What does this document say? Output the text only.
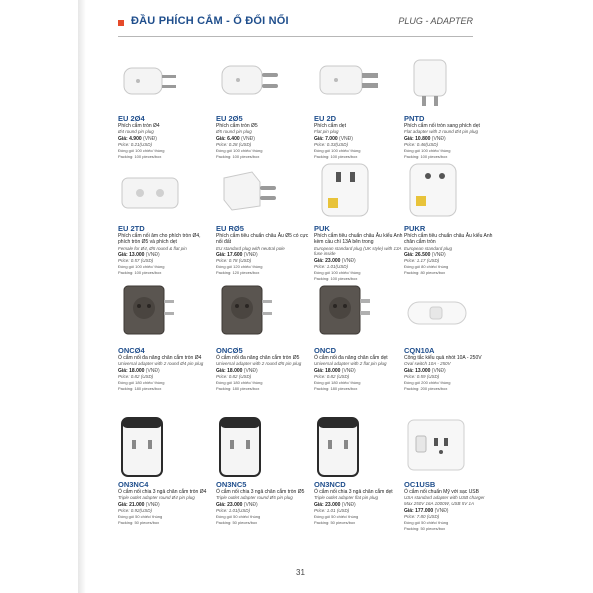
ĐẦU PHÍCH CẮM - Ổ ĐỔI NỐI	PLUG - ADAPTER
EU 2Ø4
Phích cắm tròn Ø4
Ø4 round pin plug
Giá: 4.900 (VNĐ)
Price: 0.21(USD)
Đóng gói 100 chiếc/ thùng
Packing: 100 pieces/box
EU 2Ø5
Phích cắm tròn Ø5
Ø5 round pin plug
Giá: 6.400 (VNĐ)
Price: 0.28 (USD)
Đóng gói 100 chiếc/ thùng
Packing: 100 pieces/box
EU 2D
Phích cắm dẹt
Flat pin plug
Giá: 7.000 (VNĐ)
Price: 0.33(USD)
Đóng gói 100 chiếc/ thùng
Packing: 100 pieces/box
PNTD
Phích cắm nối tròn sang phích dẹt
Flat adapter with 2 round Ø4 pin plug
Giá: 10.800 (VNĐ)
Price: 0.46(USD)
Đóng gói 100 chiếc/ thùng
Packing: 100 pieces/box
EU 2TD
Phích cắm nối âm cho phích tròn Ø4, phích tròn Ø5 và phích dẹt
Female for Ø4, Ø5 round & flat pin
Giá: 13.000 (VNĐ)
Price: 0.57 (USD)
Đóng gói 100 chiếc/ thùng
Packing: 100 pieces/box
EU RØ5
Phích cắm tiêu chuẩn châu Âu Ø5 có cực nối đất
EU standard plug with neutral pole
Giá: 17.600 (VNĐ)
Price: 0.78 (USD)
Đóng gói 120 chiếc/ thùng
Packing: 120 pieces/box
PUK
Phích cắm tiêu chuẩn châu Âu kiểu Anh kèm cầu chì 13A bên trong
European standard plug (UK style) with 13A fuse inside
Giá: 23.000 (VNĐ)
Price: 1.01(USD)
Đóng gói 100 chiếc/ thùng
Packing: 100 pieces/box
PUKR
Phích cắm tiêu chuẩn châu Âu kiểu Anh chân cắm tròn
European standard plug
Giá: 26.500 (VNĐ)
Price: 1.17 (USD)
Đóng gói 80 chiếc/ thùng
Packing: 80 pieces/box
ONCØ4
Ổ cắm nối đa năng chân cắm tròn Ø4
Universal adapter with 2 round Ø4 pin plug
Giá: 18.000 (VNĐ)
Price: 0.82 (USD)
Đóng gói 180 chiếc/ thùng
Packing: 180 pieces/box
ONCØ5
Ổ cắm nối đa năng chân cắm tròn Ø5
Universal adapter with 2 round Ø5 pin plug
Giá: 18.000 (VNĐ)
Price: 0.82 (USD)
Đóng gói 180 chiếc/ thùng
Packing: 180 pieces/box
ONCD
Ổ cắm nối đa năng chân cắm dẹt
Universal adapter with 2 flat pin plug
Giá: 18.000 (VNĐ)
Price: 0.82 (USD)
Đóng gói 180 chiếc/ thùng
Packing: 180 pieces/box
CQN10A
Công tắc kiểu quả nhót 10A - 250V
Oval switch 10A - 250V
Giá: 13.000 (VNĐ)
Price: 0.59 (USD)
Đóng gói 200 chiếc/ thùng
Packing: 200 pieces/box
ON3NC4
Ổ cắm nối chia 3 ngả chân cắm tròn Ø4
Triple outlet adapter round Ø4 pin plug
Giá: 21.000 (VNĐ)
Price: 0.92(USD)
Đóng gói 50 chiếc/ thùng
Packing: 50 pieces/box
ON3NC5
Ổ cắm nối chia 3 ngả chân cắm tròn Ø5
Triple outlet adapter round Ø5 pin plug
Giá: 23.000 (VNĐ)
Price: 1.01(USD)
Đóng gói 50 chiếc/ thùng
Packing: 50 pieces/box
ON3NCD
Ổ cắm nối chia 3 ngả chân cắm dẹt
Triple outlet adapter flat pin plug
Giá: 23.000 (VNĐ)
Price: 1.01 (USD)
Đóng gói 50 chiếc/ thùng
Packing: 50 pieces/box
OC1USB
Ổ cắm nối chuẩn Mỹ với sạc USB
USA standard adapter with USB charger
Max 250V 16A 1000W, USB 5V 1A
Giá: 177.000 (VNĐ)
Price: 7.80 (USD)
Đóng gói 50 chiếc/ thùng
Packing: 50 pieces/box
31
